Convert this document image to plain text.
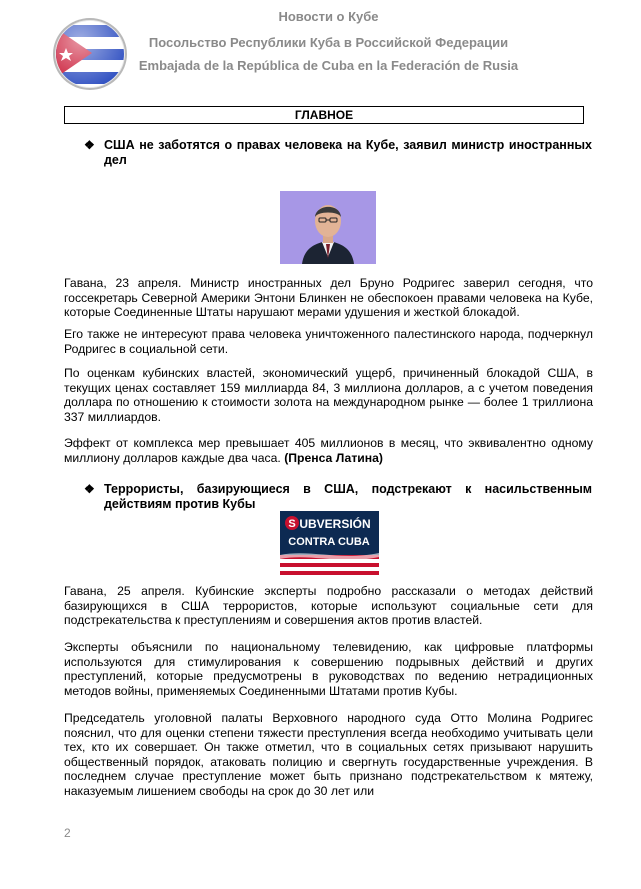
Новости о Кубе
Посольство Республики Куба в Российской Федерации
Embajada de la República de Cuba en la Federación de Rusia
ГЛАВНОЕ
❖ США не заботятся о правах человека на Кубе, заявил министр иностранных дел

Гавана, 23 апреля. Министр иностранных дел Бруно Родригес заверил сегодня, что госсекретарь Северной Америки Энтони Блинкен не обеспокоен правами человека на Кубе, которые Соединенные Штаты нарушают мерами удушения и жесткой блокадой.

Его также не интересуют права человека уничтоженного палестинского народа, подчеркнул Родригес в социальной сети.

По оценкам кубинских властей, экономический ущерб, причиненный блокадой США, в текущих ценах составляет 159 миллиарда 84, 3 миллиона долларов, а с учетом поведения доллара по отношению к стоимости золота на международном рынке — более 1 триллиона 337 миллиардов.

Эффект от комплекса мер превышает 405 миллионов в месяц, что эквивалентно одному миллиону долларов каждые два часа. (Пренса Латина)

❖ Террористы, базирующиеся в США, подстрекают к насильственным действиям против Кубы
S UBVERSIÓN
CONTRA CUBA

Гавана, 25 апреля. Кубинские эксперты подробно рассказали о методах действий базирующихся в США террористов, которые используют социальные сети для подстрекательства к преступлениям и совершения актов против властей.

Эксперты объяснили по национальному телевидению, как цифровые платформы используются для стимулирования к совершению подрывных действий и других преступлений, которые предусмотрены в руководствах по ведению нетрадиционных методов войны, применяемых Соединенными Штатами против Кубы.

Председатель уголовной палаты Верховного народного суда Отто Молина Родригес пояснил, что для оценки степени тяжести преступления всегда необходимо учитывать цели тех, кто их совершает. Он также отметил, что в социальных сетях призывают нарушить общественный порядок, атаковать полицию и свергнуть государственные учреждения. В последнем случае преступление может быть признано подстрекательством к мятежу, наказуемым лишением свободы на срок до 30 лет или

2
